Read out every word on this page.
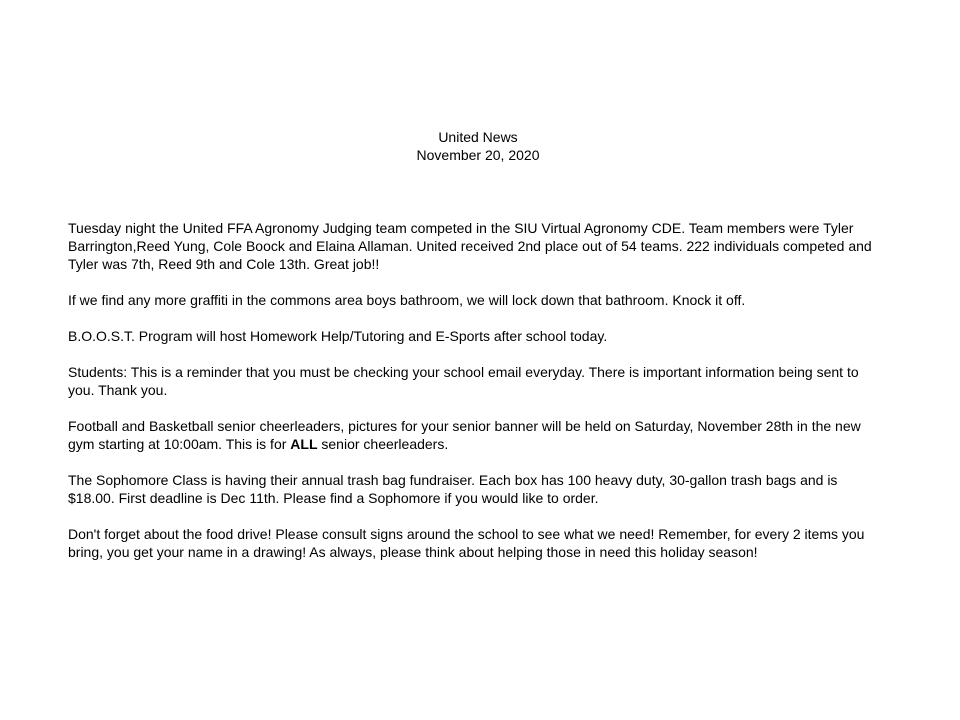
United News
November 20, 2020

Tuesday night the United FFA Agronomy Judging team competed in the SIU Virtual Agronomy CDE. Team members were Tyler Barrington,Reed Yung, Cole Boock and Elaina Allaman. United received 2nd place out of 54 teams. 222 individuals competed and Tyler was 7th, Reed 9th and Cole 13th. Great job!!

If we find any more graffiti in the commons area boys bathroom, we will lock down that bathroom. Knock it off.

B.O.O.S.T. Program will host Homework Help/Tutoring and E-Sports after school today.

Students: This is a reminder that you must be checking your school email everyday. There is important information being sent to you. Thank you.

Football and Basketball senior cheerleaders, pictures for your senior banner will be held on Saturday, November 28th in the new gym starting at 10:00am. This is for ALL senior cheerleaders.

The Sophomore Class is having their annual trash bag fundraiser. Each box has 100 heavy duty, 30-gallon trash bags and is $18.00. First deadline is Dec 11th. Please find a Sophomore if you would like to order.

Don't forget about the food drive! Please consult signs around the school to see what we need! Remember, for every 2 items you bring, you get your name in a drawing! As always, please think about helping those in need this holiday season!
